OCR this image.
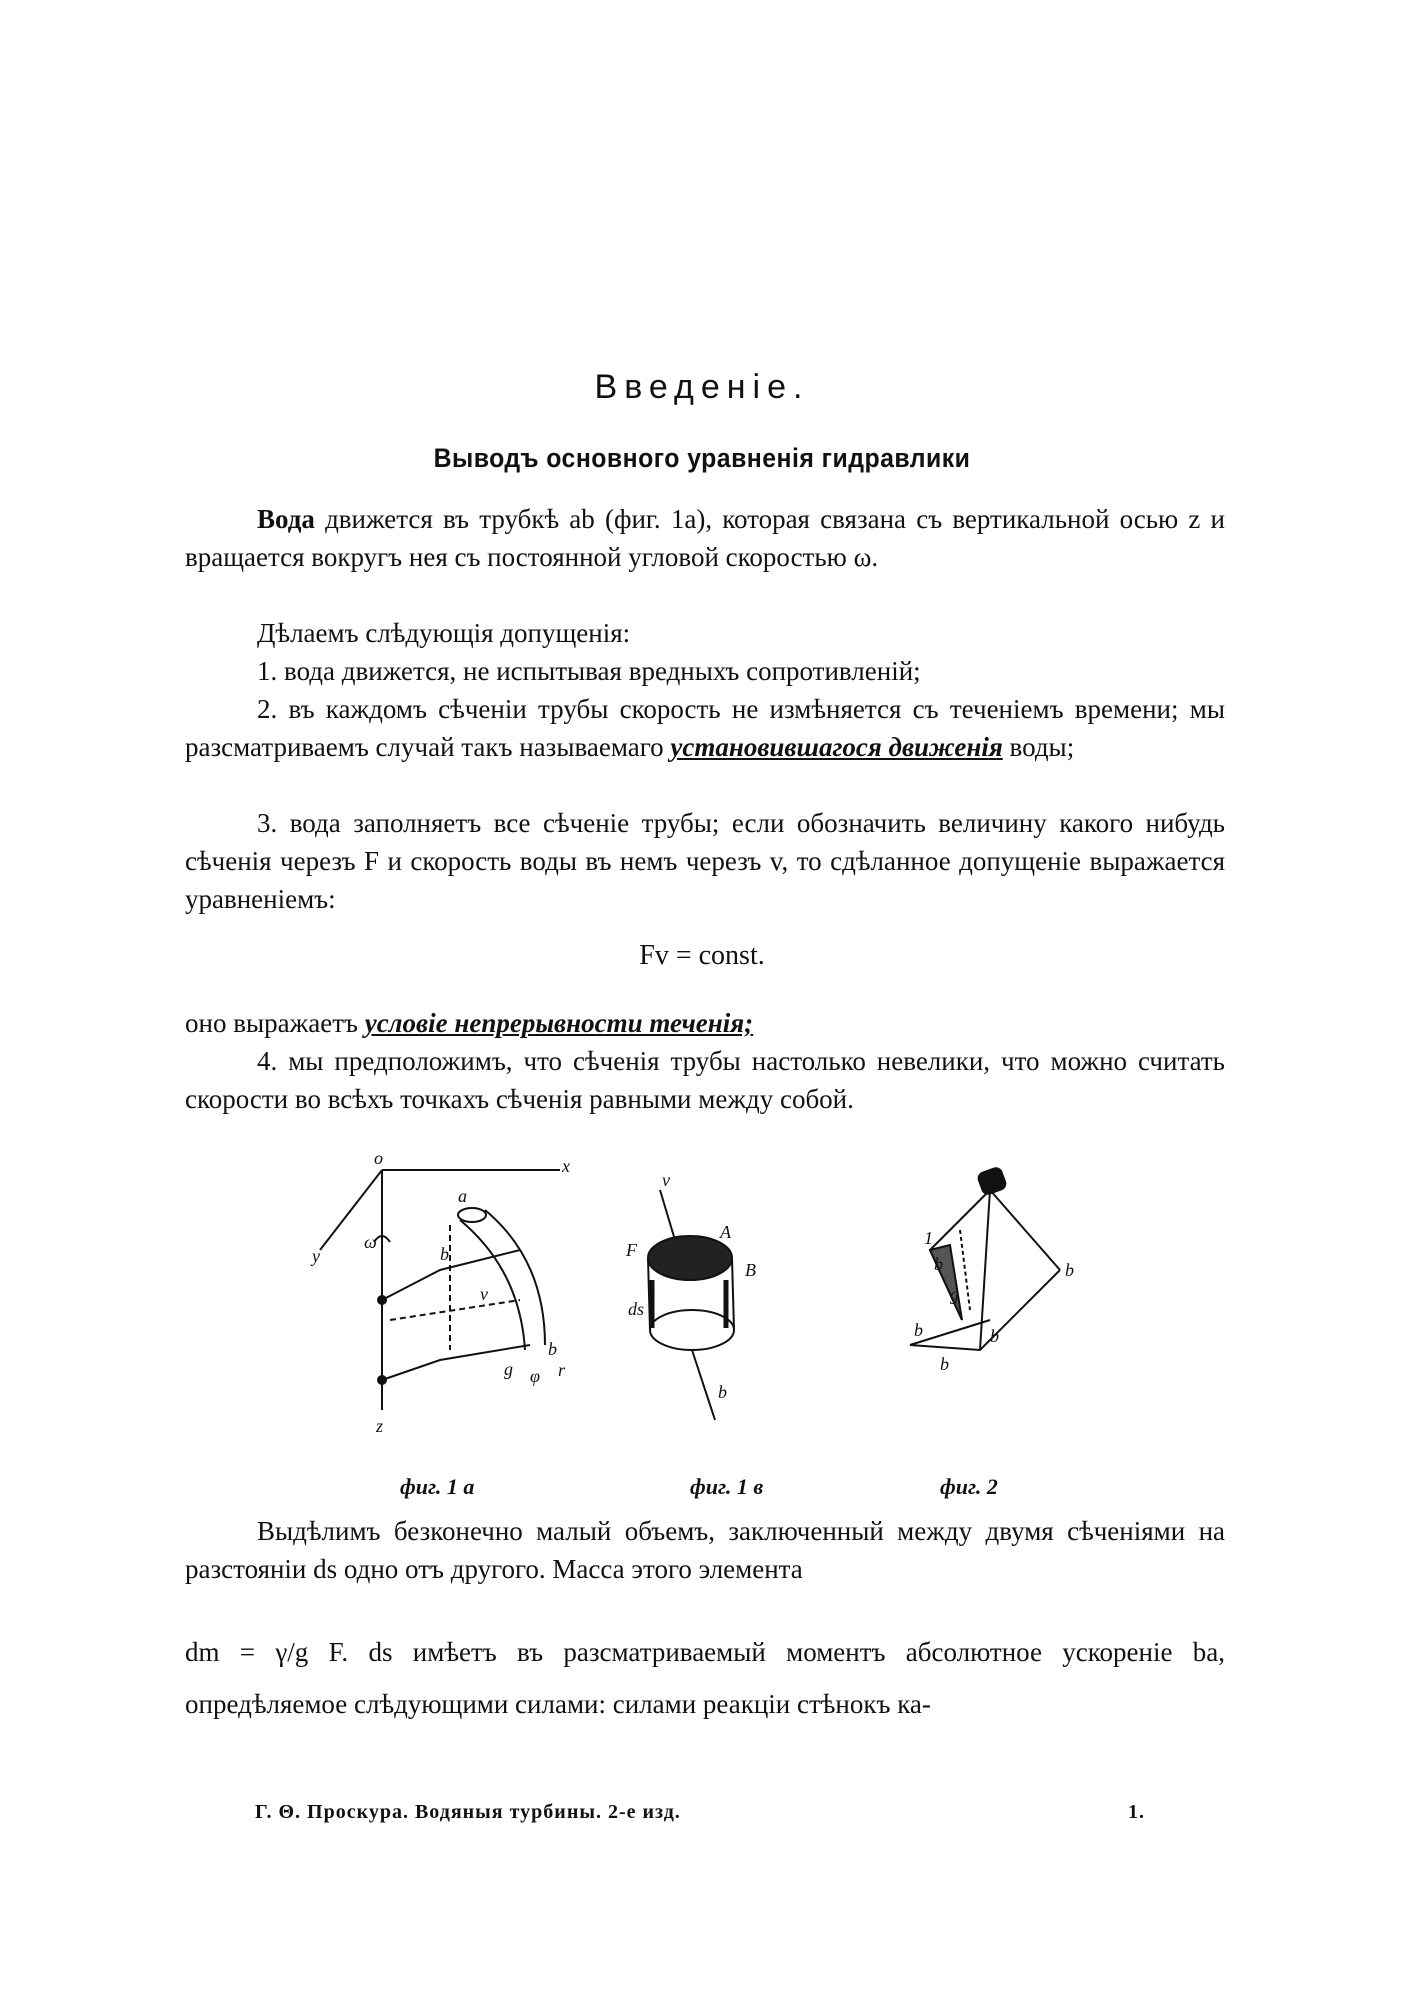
Введеніе.
Выводъ основного уравненія гидравлики
Вода движется въ трубкѣ ab (фиг. 1a), которая связана съ вертикальной осью z и вращается вокругъ нея съ постоянной угловой скоростью ω.
Дѣлаемъ слѣдующія допущенія:
1. вода движется, не испытывая вредныхъ сопротивленій;
2. въ каждомъ сѣченіи трубы скорость не измѣняется съ теченіемъ времени; мы разсматриваемъ случай такъ называемаго установившагося движенія воды;
3. вода заполняетъ все сѣченіе трубы; если обозначить величину какого нибудь сѣченія черезъ F и скорость воды въ немъ черезъ v, то сдѣланное допущеніе выражается уравненіемъ:
Fv = const.
оно выражаетъ условіе непрерывности теченія;
4. мы предположимъ, что сѣченія трубы настолько невелики, что можно считать скорости во всѣхъ точкахъ сѣченія равными между собой.
o	x
y
z
ω
a
b
g φ r
v
b
v
A
B
ds
F
b
1
b
g
b
b	b
b
фиг. 1 а	фиг. 1 в	фиг. 2
Выдѣлимъ безконечно малый объемъ, заключенный между двумя сѣченіями на разстояніи ds одно отъ другого. Масса этого элемента
dm = γ/g F. ds имѣетъ въ разсматриваемый моментъ абсолютное ускореніе ba, опредѣляемое слѣдующими силами: силами реакціи стѣнокъ ка-
Г. Θ. Проскура. Водяныя турбины. 2-е изд.	1.
